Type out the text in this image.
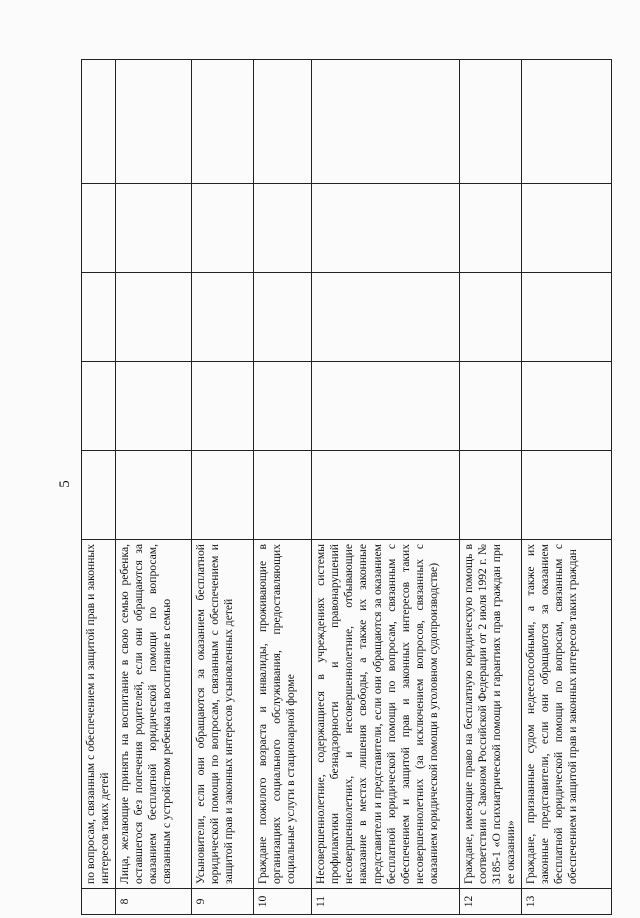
5
	по вопросам, связанным с обеспечением и защитой прав и законных интересов таких детей					
8	Лица, желающие принять на воспитание в свою семью ребенка, оставшегося без попечения родителей, если они обращаются за оказанием бесплатной юридической помощи по вопросам, связанным с устройством ребенка на воспитание в семью					
9	Усыновители, если они обращаются за оказанием бесплатной юридической помощи по вопросам, связанным с обеспечением и защитой прав и законных интересов усыновленных детей					
10	Граждане пожилого возраста и инвалиды, проживающие в организациях социального обслуживания, предоставляющих социальные услуги в стационарной форме					
11	Несовершеннолетние, содержащиеся в учреждениях системы профилактики безнадзорности и правонарушений несовершеннолетних, и несовершеннолетние, отбывающие наказание в местах лишения свободы, а также их законные представители и представители, если они обращаются за оказанием бесплатной юридической помощи по вопросам, связанным с обеспечением и защитой прав и законных интересов таких несовершеннолетних (за исключением вопросов, связанных с оказанием юридической помощи в уголовном судопроизводстве)					
12	Граждане, имеющие право на бесплатную юридическую помощь в соответствии с Законом Российской Федерации от 2 июля 1992 г. № 3185-1 «О психиатрической помощи и гарантиях прав граждан при ее оказании»					
13	Граждане, признанные судом недееспособными, а также их законные представители, если они обращаются за оказанием бесплатной юридической помощи по вопросам, связанным с обеспечением и защитой прав и законных интересов таких граждан					
